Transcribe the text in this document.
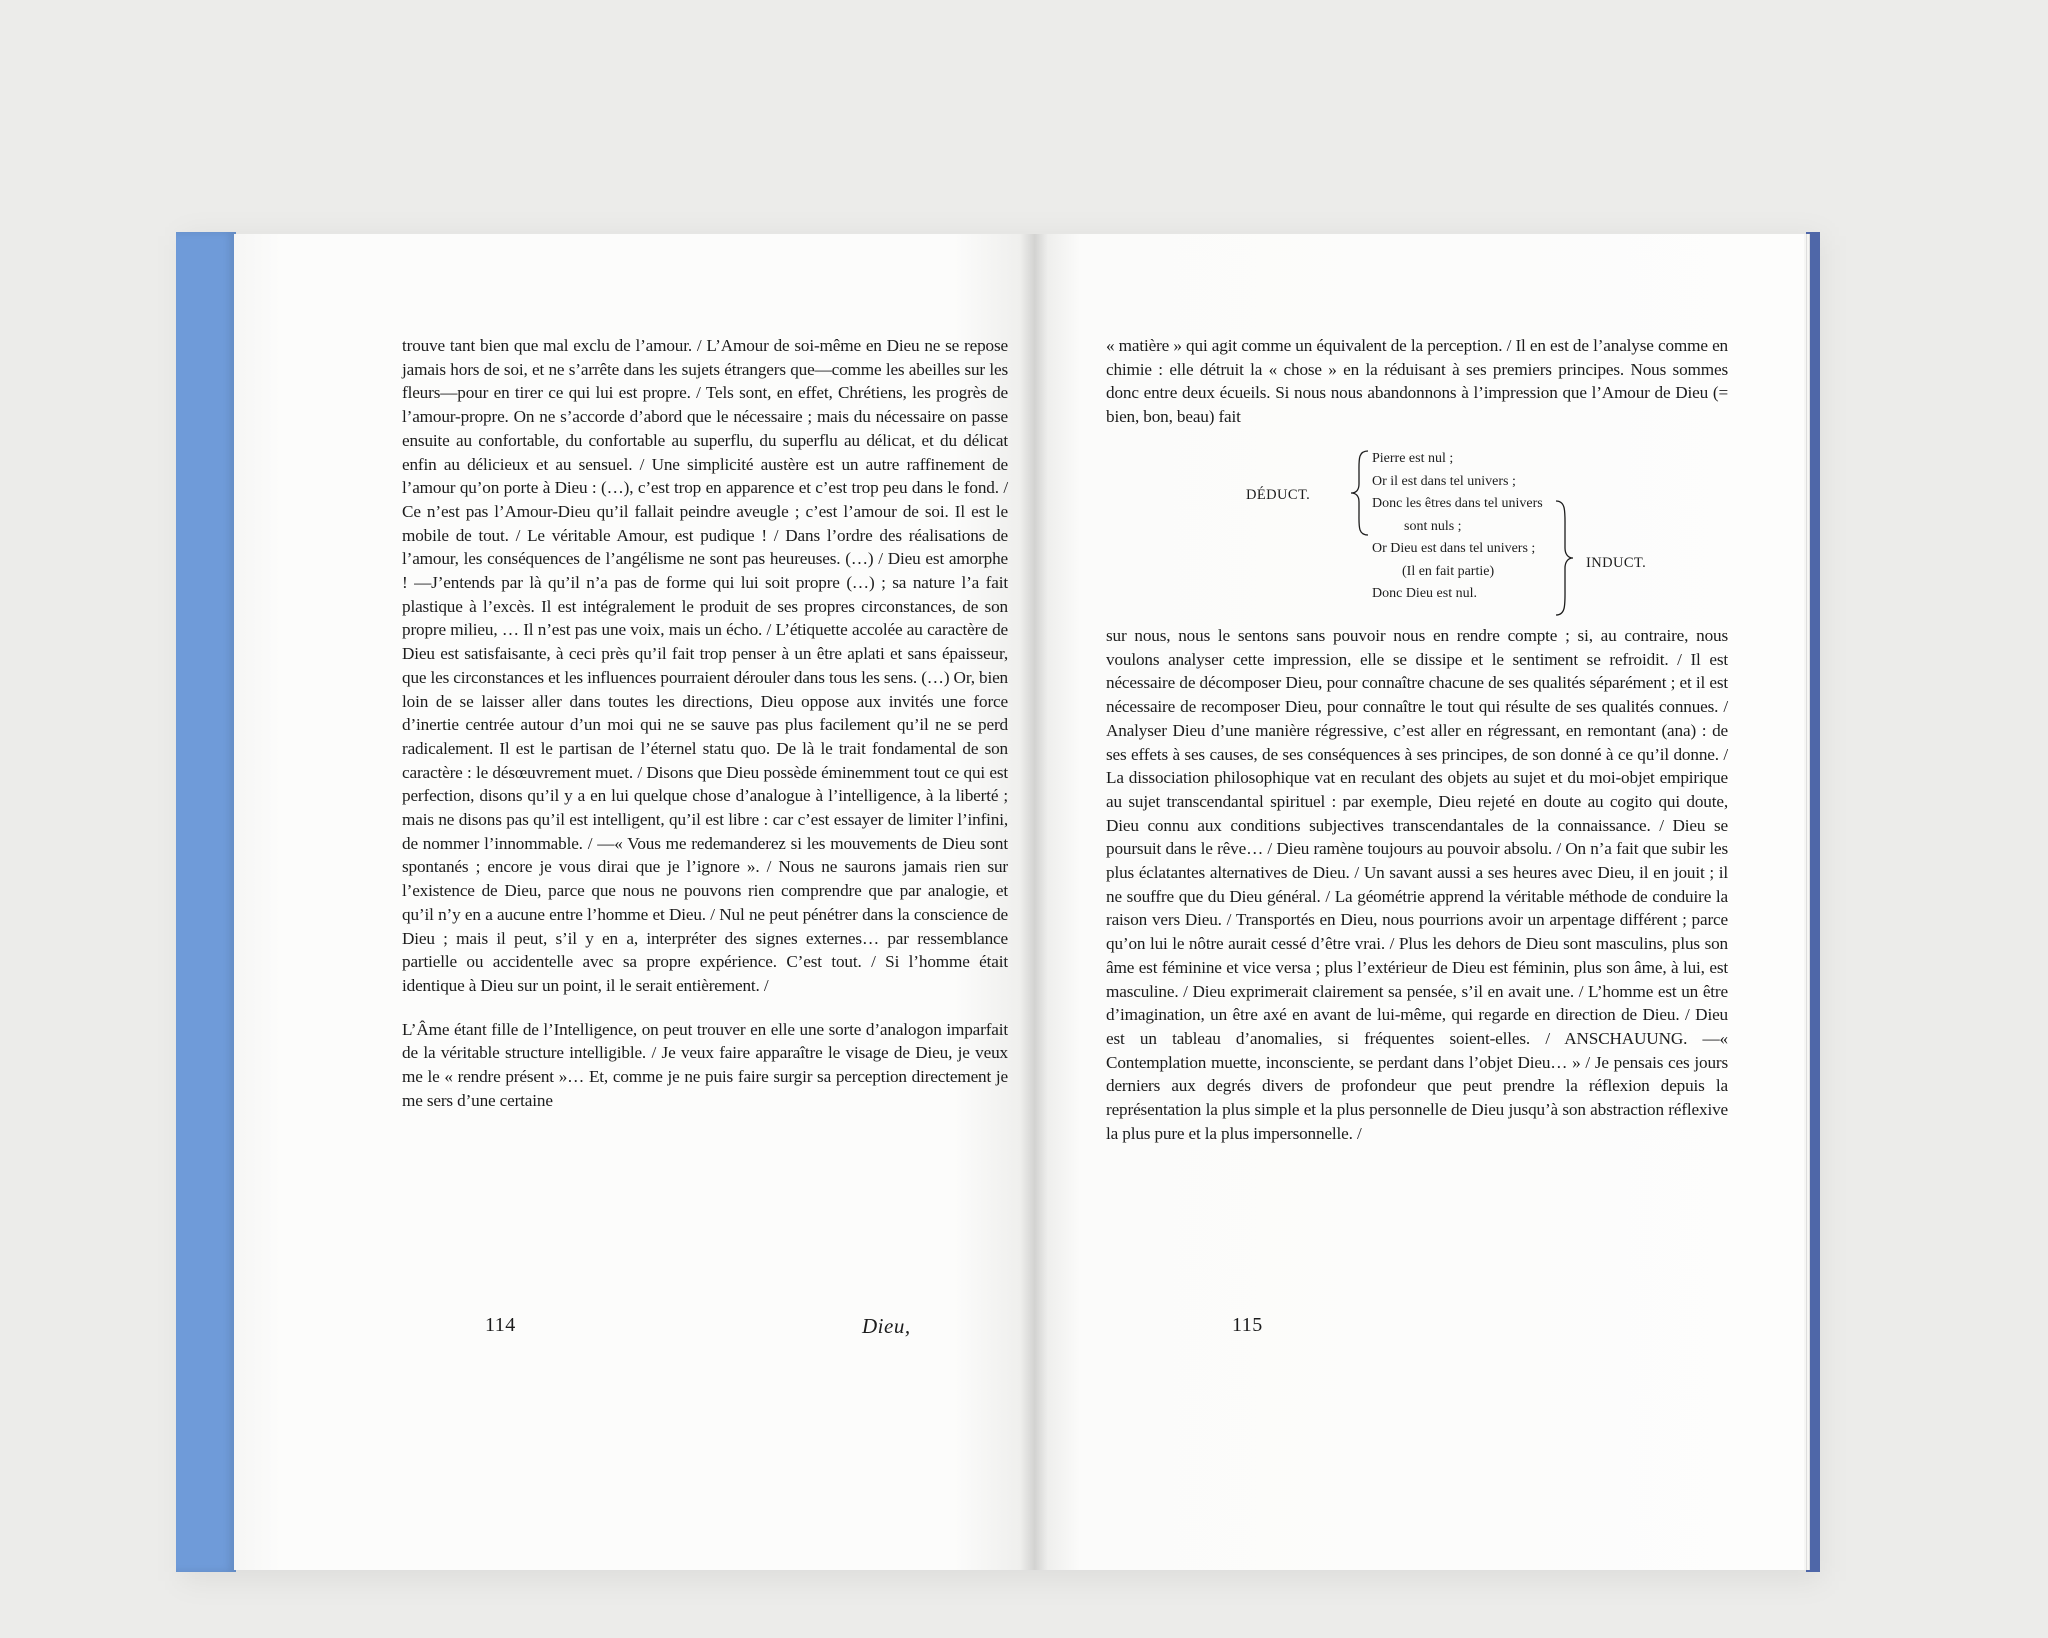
trouve tant bien que mal exclu de l’amour. / L’Amour de soi-même en Dieu ne se repose jamais hors de soi, et ne s’arrête dans les sujets étrangers que—comme les abeilles sur les fleurs—pour en tirer ce qui lui est propre. / Tels sont, en effet, Chrétiens, les progrès de l’amour-propre. On ne s’accorde d’abord que le nécessaire ; mais du nécessaire on passe ensuite au confortable, du confortable au superflu, du superflu au délicat, et du délicat enfin au délicieux et au sensuel. / Une simplicité austère est un autre raffinement de l’amour qu’on porte à Dieu : (…), c’est trop en apparence et c’est trop peu dans le fond. / Ce n’est pas l’Amour-Dieu qu’il fallait peindre aveugle ; c’est l’amour de soi. Il est le mobile de tout. / Le véritable Amour, est pudique ! / Dans l’ordre des réalisations de l’amour, les conséquences de l’angélisme ne sont pas heureuses. (…) / Dieu est amorphe ! —J’entends par là qu’il n’a pas de forme qui lui soit propre (…) ; sa nature l’a fait plastique à l’excès. Il est intégralement le produit de ses propres circonstances, de son propre milieu, … Il n’est pas une voix, mais un écho. / L’étiquette accolée au caractère de Dieu est satisfaisante, à ceci près qu’il fait trop penser à un être aplati et sans épaisseur, que les circonstances et les influences pourraient dérouler dans tous les sens. (…) Or, bien loin de se laisser aller dans toutes les directions, Dieu oppose aux invités une force d’inertie centrée autour d’un moi qui ne se sauve pas plus facilement qu’il ne se perd radicalement. Il est le partisan de l’éternel statu quo. De là le trait fondamental de son caractère : le désœuvrement muet. / Disons que Dieu possède éminemment tout ce qui est perfection, disons qu’il y a en lui quelque chose d’analogue à l’intelligence, à la liberté ; mais ne disons pas qu’il est intelligent, qu’il est libre : car c’est essayer de limiter l’infini, de nommer l’innommable. / —« Vous me redemanderez si les mouvements de Dieu sont spontanés ; encore je vous dirai que je l’ignore ». / Nous ne saurons jamais rien sur l’existence de Dieu, parce que nous ne pouvons rien comprendre que par analogie, et qu’il n’y en a aucune entre l’homme et Dieu. / Nul ne peut pénétrer dans la conscience de Dieu ; mais il peut, s’il y en a, interpréter des signes externes… par ressemblance partielle ou accidentelle avec sa propre expérience. C’est tout. / Si l’homme était identique à Dieu sur un point, il le serait entièrement. /

L’Âme étant fille de l’Intelligence, on peut trouver en elle une sorte d’analogon imparfait de la véritable structure intelligible. / Je veux faire apparaître le visage de Dieu, je veux me le « rendre présent »… Et, comme je ne puis faire surgir sa perception directement je me sers d’une certaine

114	Dieu,

« matière » qui agit comme un équivalent de la perception. / Il en est de l’analyse comme en chimie : elle détruit la « chose » en la réduisant à ses premiers principes. Nous sommes donc entre deux écueils. Si nous nous abandonnons à l’impression que l’Amour de Dieu (= bien, bon, beau) fait

DÉDUCT.
Pierre est nul ;
Or il est dans tel univers ;
Donc les êtres dans tel univers
sont nuls ;
Or Dieu est dans tel univers ;
(Il en fait partie)
Donc Dieu est nul.
INDUCT.

sur nous, nous le sentons sans pouvoir nous en rendre compte ; si, au contraire, nous voulons analyser cette impression, elle se dissipe et le sentiment se refroidit. / Il est nécessaire de décomposer Dieu, pour connaître chacune de ses qualités séparément ; et il est nécessaire de recomposer Dieu, pour connaître le tout qui résulte de ses qualités connues. / Analyser Dieu d’une manière régressive, c’est aller en régressant, en remontant (ana) : de ses effets à ses causes, de ses conséquences à ses principes, de son donné à ce qu’il donne. / La dissociation philosophique vat en reculant des objets au sujet et du moi-objet empirique au sujet transcendantal spirituel : par exemple, Dieu rejeté en doute au cogito qui doute, Dieu connu aux conditions subjectives transcendantales de la connaissance. / Dieu se poursuit dans le rêve… / Dieu ramène toujours au pouvoir absolu. / On n’a fait que subir les plus éclatantes alternatives de Dieu. / Un savant aussi a ses heures avec Dieu, il en jouit ; il ne souffre que du Dieu général. / La géométrie apprend la véritable méthode de conduire la raison vers Dieu. / Transportés en Dieu, nous pourrions avoir un arpentage différent ; parce qu’on lui le nôtre aurait cessé d’être vrai. / Plus les dehors de Dieu sont masculins, plus son âme est féminine et vice versa ; plus l’extérieur de Dieu est féminin, plus son âme, à lui, est masculine. / Dieu exprimerait clairement sa pensée, s’il en avait une. / L’homme est un être d’imagination, un être axé en avant de lui-même, qui regarde en direction de Dieu. / Dieu est un tableau d’anomalies, si fréquentes soient-elles. / ANSCHAUUNG. —« Contemplation muette, inconsciente, se perdant dans l’objet Dieu… » / Je pensais ces jours derniers aux degrés divers de profondeur que peut prendre la réflexion depuis la représentation la plus simple et la plus personnelle de Dieu jusqu’à son abstraction réflexive la plus pure et la plus impersonnelle. /

115
